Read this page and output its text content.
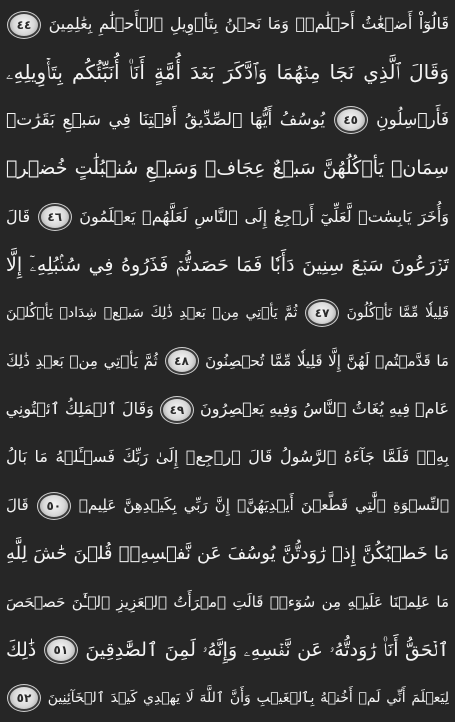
قَالُوٓاْ أَضۡغَٰثُ أَحۡلَٰمٖۖ وَمَا نَحۡنُ بِتَأۡوِيلِ ٱلۡأَحۡلَٰمِ بِعَٰلِمِينَ ٤٤
وَقَالَ ٱلَّذِي نَجَا مِنۡهُمَا وَٱدَّكَرَ بَعۡدَ أُمَّةٍ أَنَا۠ أُنَبِّئُكُم بِتَأۡوِيلِهِۦ
فَأَرۡسِلُونِ ٤٥ يُوسُفُ أَيُّهَا ٱلصِّدِّيقُ أَفۡتِنَا فِي سَبۡعِ بَقَرَٰتٖ
سِمَانٖ يَأۡكُلُهُنَّ سَبۡعٌ عِجَافٞ وَسَبۡعِ سُنۢبُلَٰتٍ خُضۡرٖ
وَأُخَرَ يَابِسَٰتٖ لَّعَلِّيٓ أَرۡجِعُ إِلَى ٱلنَّاسِ لَعَلَّهُمۡ يَعۡلَمُونَ ٤٦ قَالَ
تَزۡرَعُونَ سَبۡعَ سِنِينَ دَأَبٗا فَمَا حَصَدتُّمۡ فَذَرُوهُ فِي سُنۢبُلِهِۦٓ إِلَّا
قَلِيلٗا مِّمَّا تَأۡكُلُونَ ٤٧ ثُمَّ يَأۡتِي مِنۢ بَعۡدِ ذَٰلِكَ سَبۡعٞ شِدَادٞ يَأۡكُلۡنَ
مَا قَدَّمۡتُمۡ لَهُنَّ إِلَّا قَلِيلٗا مِّمَّا تُحۡصِنُونَ ٤٨ ثُمَّ يَأۡتِي مِنۢ بَعۡدِ ذَٰلِكَ
عَامٞ فِيهِ يُغَاثُ ٱلنَّاسُ وَفِيهِ يَعۡصِرُونَ ٤٩ وَقَالَ ٱلۡمَلِكُ ٱئۡتُونِي
بِهِۦۖ فَلَمَّا جَآءَهُ ٱلرَّسُولُ قَالَ ٱرۡجِعۡ إِلَىٰ رَبِّكَ فَسۡـَٔلۡهُ مَا بَالُ
ٱلنِّسۡوَةِ ٱلَّٰتِي قَطَّعۡنَ أَيۡدِيَهُنَّۚ إِنَّ رَبِّي بِكَيۡدِهِنَّ عَلِيمٞ ٥٠ قَالَ
مَا خَطۡبُكُنَّ إِذۡ رَٰوَدتُّنَّ يُوسُفَ عَن نَّفۡسِهِۦۚ قُلۡنَ حَٰشَ لِلَّهِ
مَا عَلِمۡنَا عَلَيۡهِ مِن سُوٓءٖۚ قَالَتِ ٱمۡرَأَتُ ٱلۡعَزِيزِ ٱلۡـَٰٔنَ حَصۡحَصَ
ٱلۡحَقُّ أَنَا۠ رَٰوَدتُّهُۥ عَن نَّفۡسِهِۦ وَإِنَّهُۥ لَمِنَ ٱلصَّٰدِقِينَ ٥١ ذَٰلِكَ
لِيَعۡلَمَ أَنِّي لَمۡ أَخُنۡهُ بِٱلۡغَيۡبِ وَأَنَّ ٱللَّهَ لَا يَهۡدِي كَيۡدَ ٱلۡخَآئِنِينَ ٥٢
